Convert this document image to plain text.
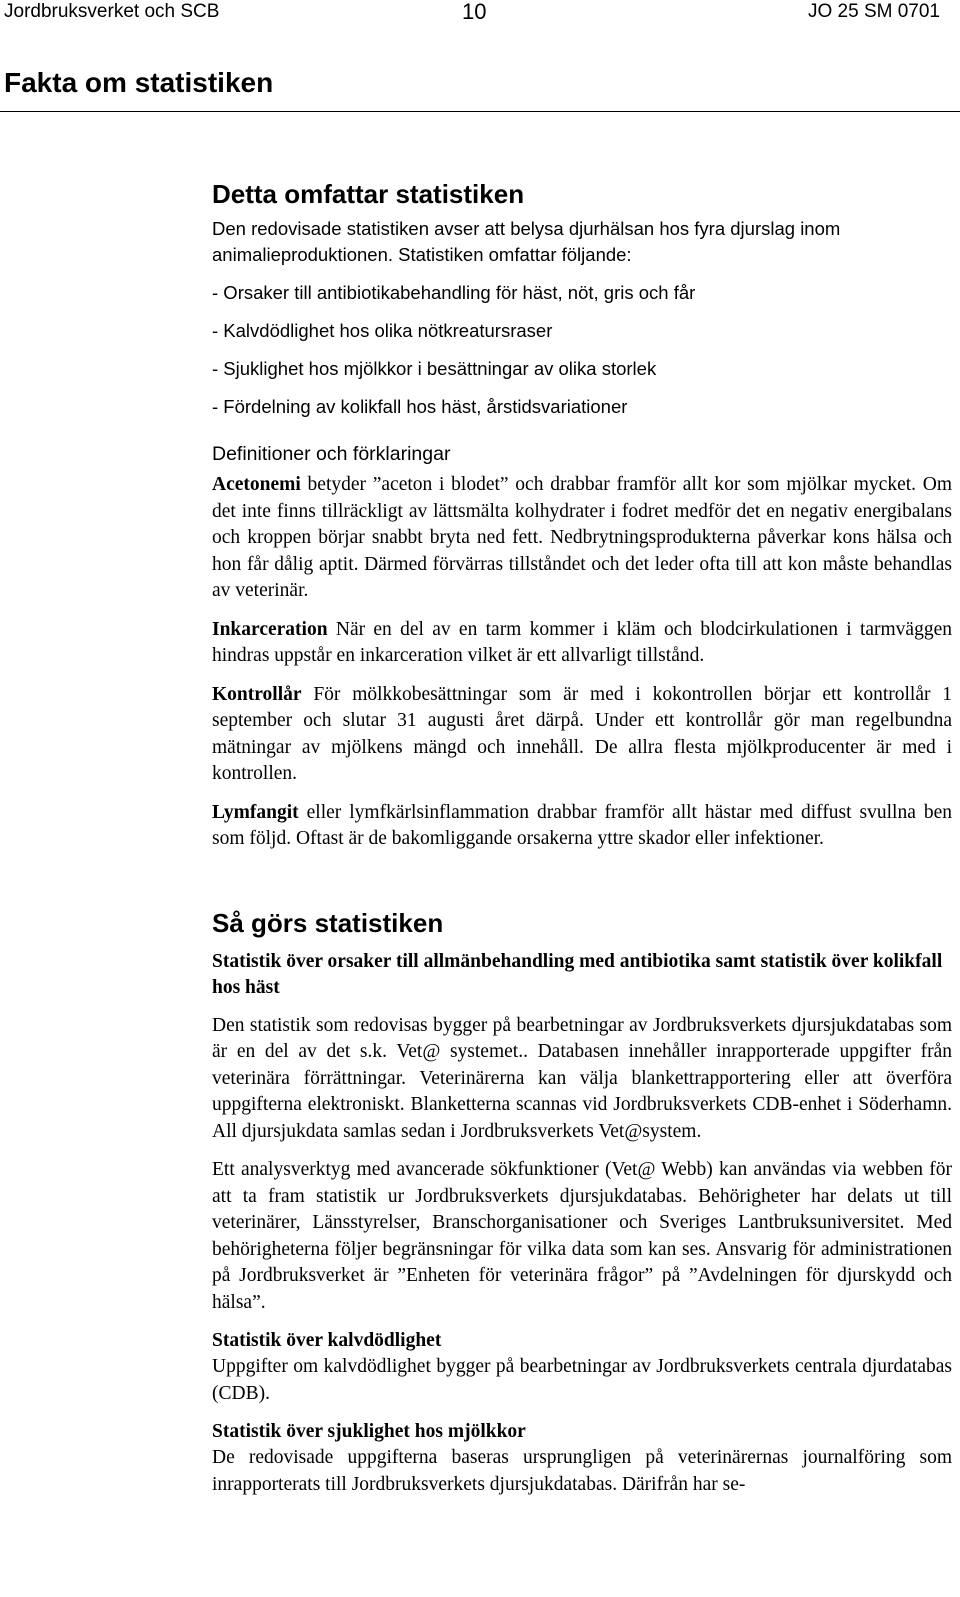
Jordbruksverket och SCB	10	JO 25 SM 0701
Fakta om statistiken
Detta omfattar statistiken

Den redovisade statistiken avser att belysa djurhälsan hos fyra djurslag inom animalieproduktionen. Statistiken omfattar följande:

- Orsaker till antibiotikabehandling för häst, nöt, gris och får

- Kalvdödlighet hos olika nötkreatursraser

- Sjuklighet hos mjölkkor i besättningar av olika storlek

- Fördelning av kolikfall hos häst, årstidsvariationer

Definitioner och förklaringar

Acetonemi betyder ”aceton i blodet” och drabbar framför allt kor som mjölkar mycket. Om det inte finns tillräckligt av lättsmälta kolhydrater i fodret medför det en negativ energibalans och kroppen börjar snabbt bryta ned fett. Nedbrytningsprodukterna påverkar kons hälsa och hon får dålig aptit. Därmed förvärras tillståndet och det leder ofta till att kon måste behandlas av veterinär.

Inkarceration När en del av en tarm kommer i kläm och blodcirkulationen i tarmväggen hindras uppstår en inkarceration vilket är ett allvarligt tillstånd.

Kontrollår För mölkkobesättningar som är med i kokontrollen börjar ett kontrollår 1 september och slutar 31 augusti året därpå. Under ett kontrollår gör man regelbundna mätningar av mjölkens mängd och innehåll. De allra flesta mjölkproducenter är med i kontrollen.

Lymfangit eller lymfkärlsinflammation drabbar framför allt hästar med diffust svullna ben som följd. Oftast är de bakomliggande orsakerna yttre skador eller infektioner.

Så görs statistiken

Statistik över orsaker till allmänbehandling med antibiotika samt statistik över kolikfall hos häst

Den statistik som redovisas bygger på bearbetningar av Jordbruksverkets djursjukdatabas som är en del av det s.k. Vet@ systemet.. Databasen innehåller inrapporterade uppgifter från veterinära förrättningar. Veterinärerna kan välja blankettrapportering eller att överföra uppgifterna elektroniskt. Blanketterna scannas vid Jordbruksverkets CDB-enhet i Söderhamn. All djursjukdata samlas sedan i Jordbruksverkets Vet@system.

Ett analysverktyg med avancerade sökfunktioner (Vet@ Webb) kan användas via webben för att ta fram statistik ur Jordbruksverkets djursjukdatabas. Behörigheter har delats ut till veterinärer, Länsstyrelser, Branschorganisationer och Sveriges Lantbruksuniversitet. Med behörigheterna följer begränsningar för vilka data som kan ses. Ansvarig för administrationen på Jordbruksverket är ”Enheten för veterinära frågor” på ”Avdelningen för djurskydd och hälsa”.

Statistik över kalvdödlighet

Uppgifter om kalvdödlighet bygger på bearbetningar av Jordbruksverkets centrala djurdatabas (CDB).

Statistik över sjuklighet hos mjölkkor

De redovisade uppgifterna baseras ursprungligen på veterinärernas journalföring som inrapporterats till Jordbruksverkets djursjukdatabas. Därifrån har se-
